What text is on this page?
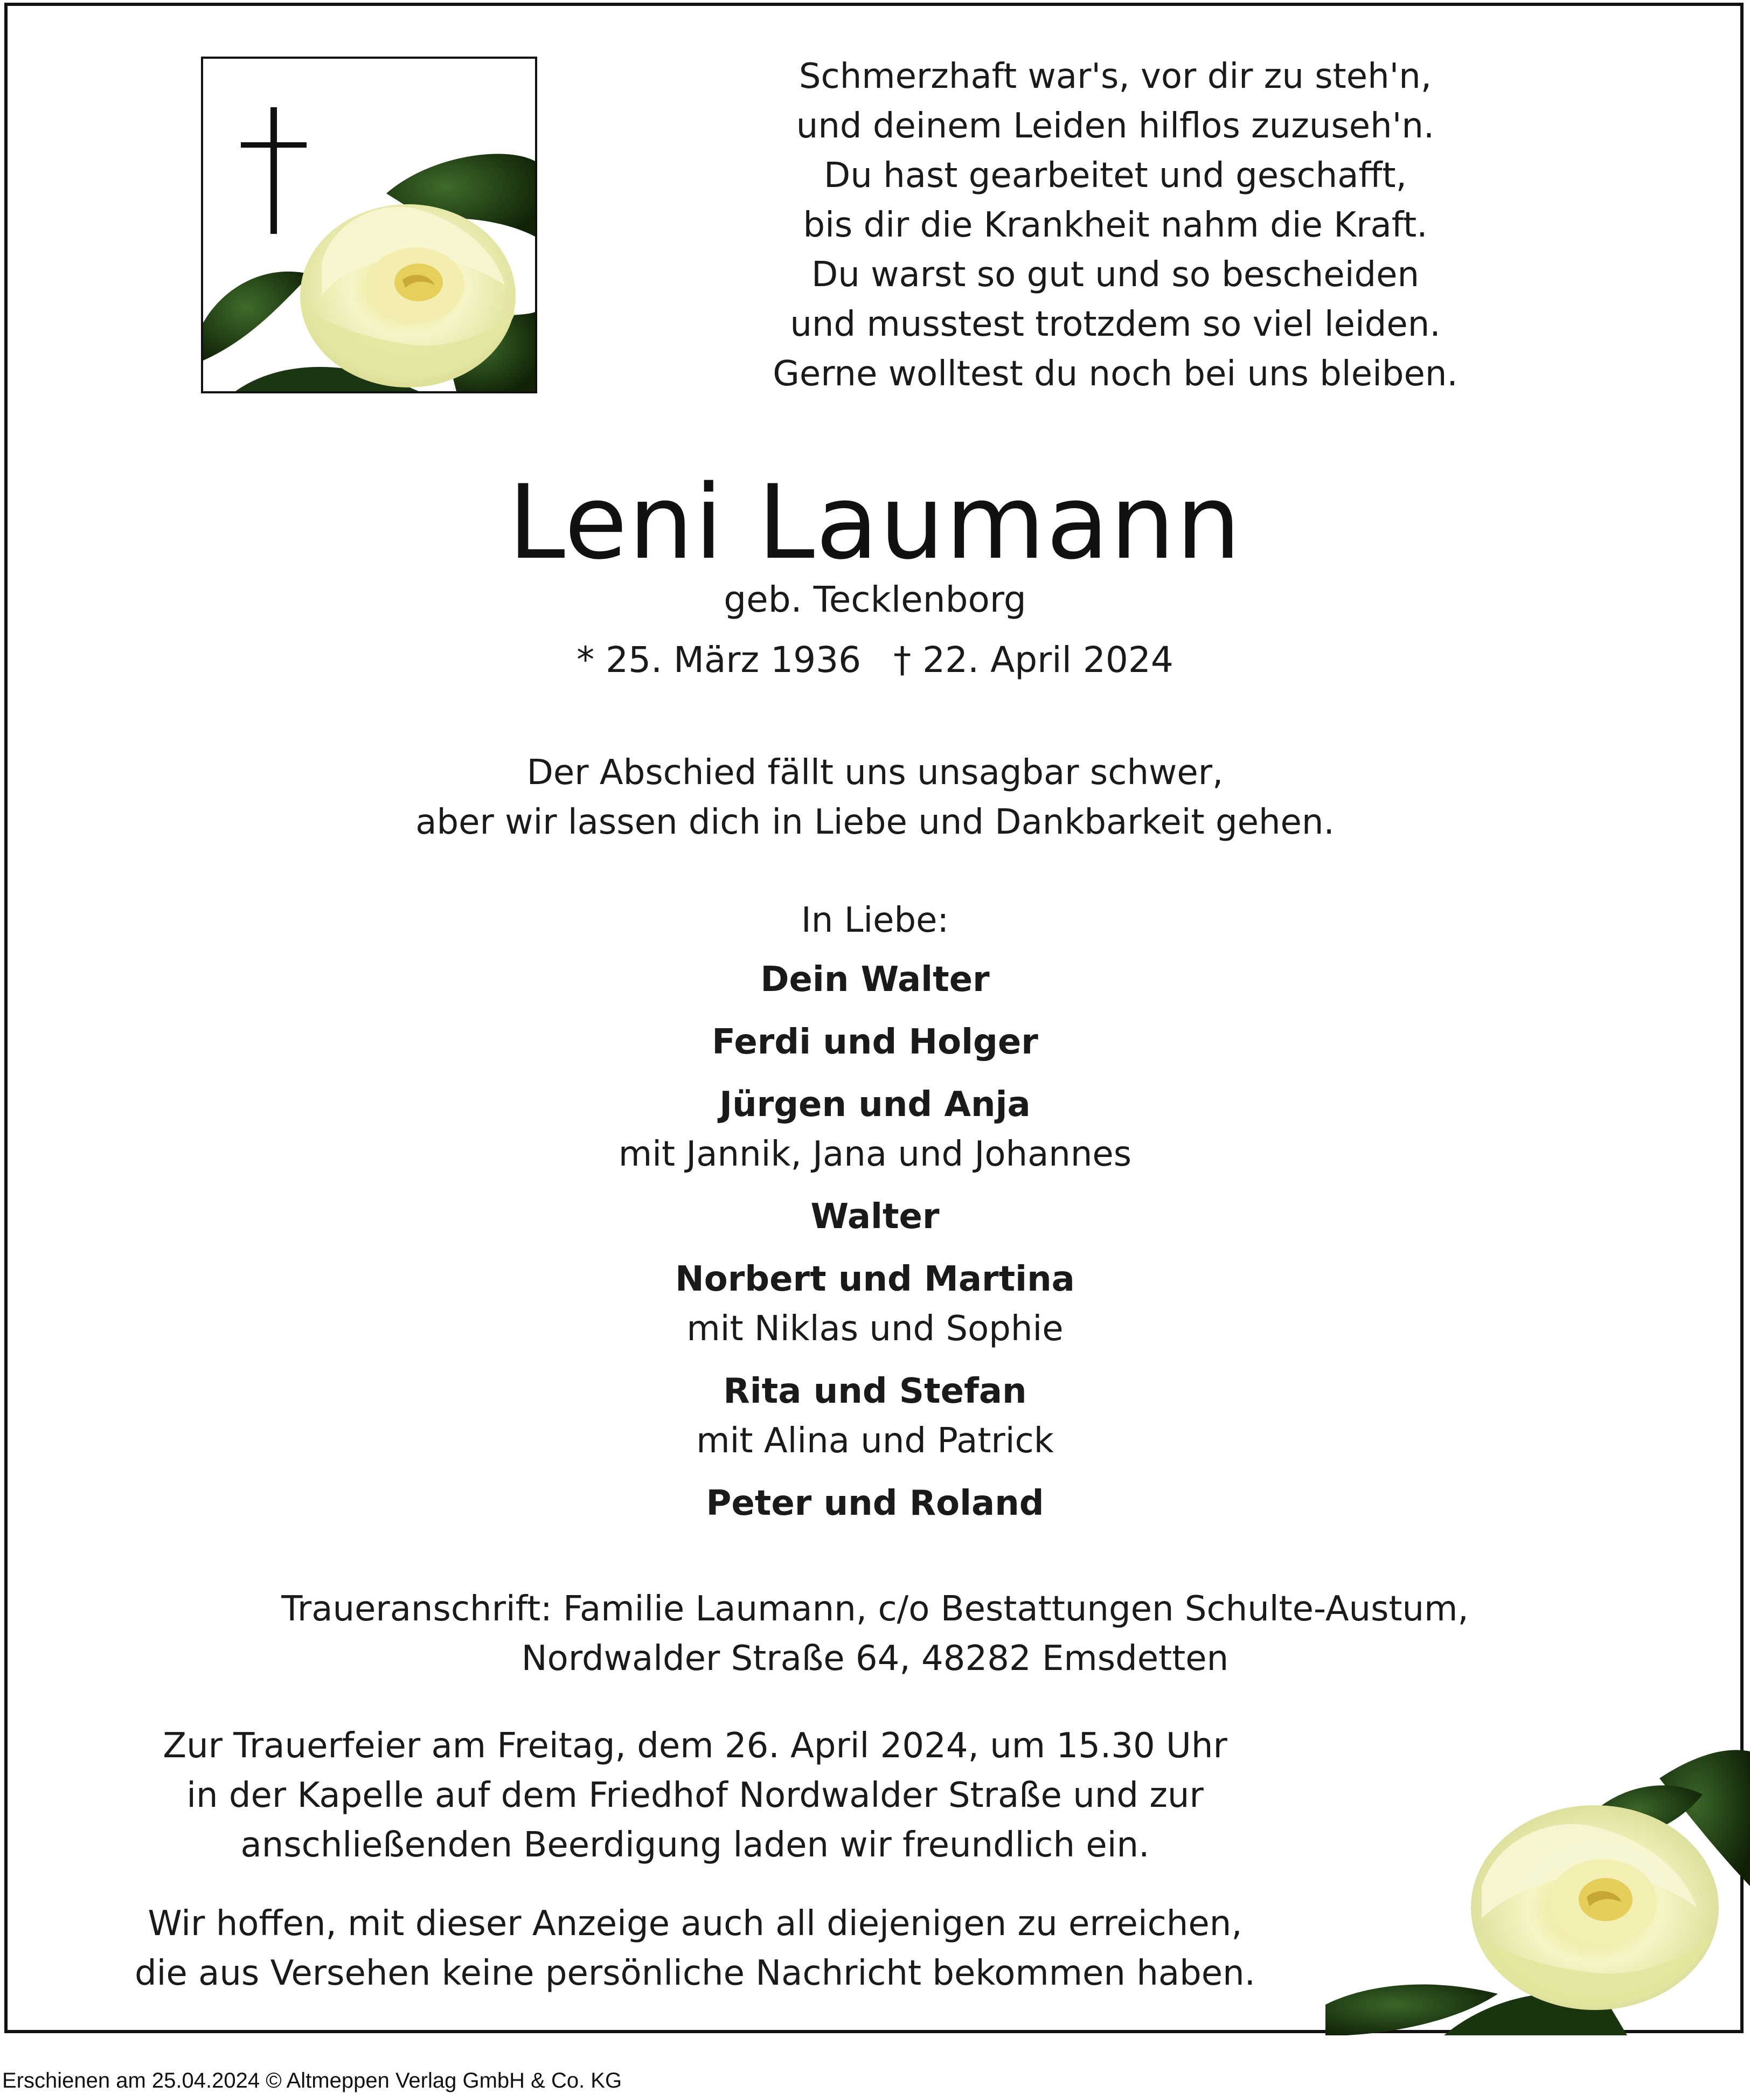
Schmerzhaft war's, vor dir zu steh'n,
und deinem Leiden hilflos zuzuseh'n.
Du hast gearbeitet und geschafft,
bis dir die Krankheit nahm die Kraft.
Du warst so gut und so bescheiden
und musstest trotzdem so viel leiden.
Gerne wolltest du noch bei uns bleiben.
Leni Laumann
geb. Tecklenborg
* 25. März 1936 † 22. April 2024
Der Abschied fällt uns unsagbar schwer,
aber wir lassen dich in Liebe und Dankbarkeit gehen.
In Liebe:
Dein Walter
Ferdi und Holger
Jürgen und Anja
mit Jannik, Jana und Johannes
Walter
Norbert und Martina
mit Niklas und Sophie
Rita und Stefan
mit Alina und Patrick
Peter und Roland
Traueranschrift: Familie Laumann, c/o Bestattungen Schulte-Austum,
Nordwalder Straße 64, 48282 Emsdetten
Zur Trauerfeier am Freitag, dem 26. April 2024, um 15.30 Uhr
in der Kapelle auf dem Friedhof Nordwalder Straße und zur
anschließenden Beerdigung laden wir freundlich ein.
Wir hoffen, mit dieser Anzeige auch all diejenigen zu erreichen,
die aus Versehen keine persönliche Nachricht bekommen haben.
Erschienen am 25.04.2024 © Altmeppen Verlag GmbH & Co. KG
